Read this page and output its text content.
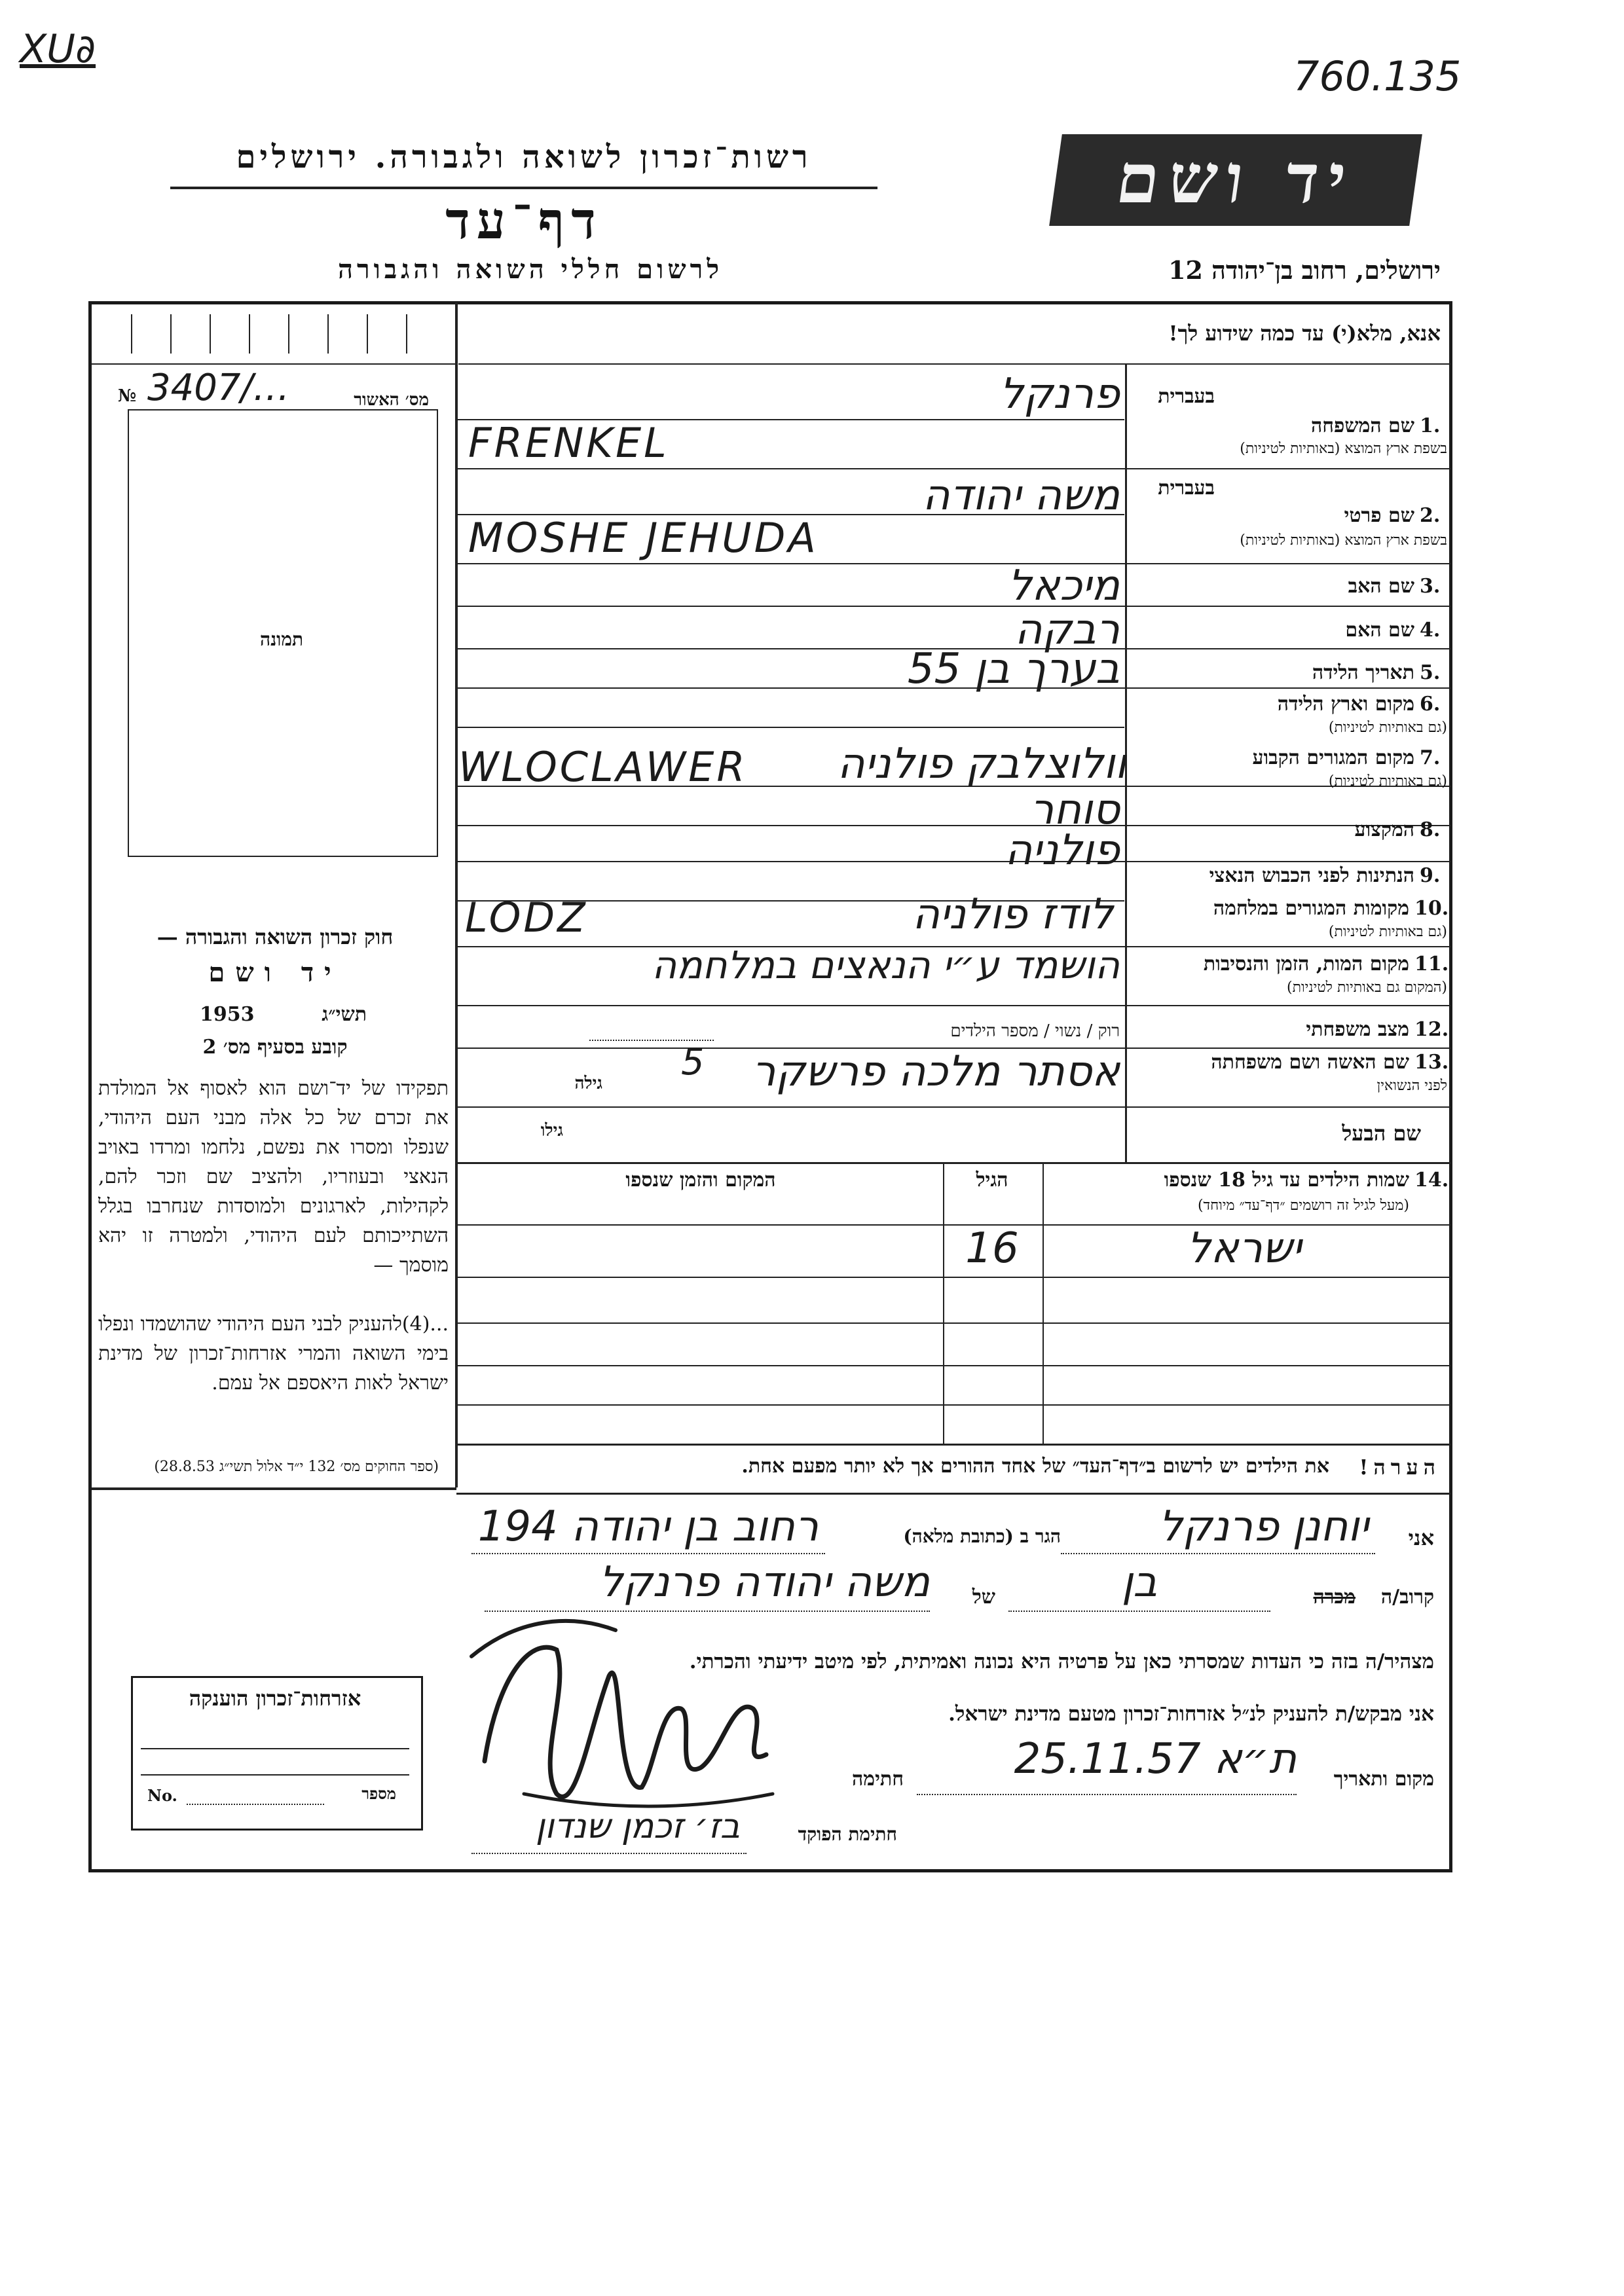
XU∂
760.135
רשות־זכרון לשואה ולגבורה. ירושלים
דף־עד
לרשום חללי השואה והגבורה
יד ושם
ירושלים, רחוב בן־יהודה 12
אנא, מלא(י) עד כמה שידוע לך!
№ 3407/…	מס׳ האשור
תמונה
חוק זכרון השואה והגבורה —
יד ושם
תשי״ג
1953
קובע בסעיף מס׳ 2
תפקידו של יד־ושם הוא לאסוף אל המולדת את זכרם של כל אלה מבני העם היהודי, שנפלו ומסרו את נפשם, נלחמו ומרדו באויב הנאצי ובעוזריו, ולהציב שם וזכר להם, לקהילות, לארגונים ולמוסדות שנחרבו בגלל השתייכותם לעם היהודי, ולמטרה זו יהא מוסמך —
...(4)להעניק לבני העם היהודי שהושמדו ונפלו בימי השואה והמרי אזרחות־זכרון של מדינת ישראל לאות היאספם אל עמם.
(ספר החוקים מס׳ 132 י״ד אלול תשי״ג 28.8.53)
אזרחות־זכרון הוענקה
מספר
No.
1.
שם המשפחה
בשפת ארץ המוצא (באותיות לטיניות)
בעברית
2.
שם פרטי
בשפת ארץ המוצא (באותיות לטיניות)
בעברית
3.
שם האב
4.
שם האם
5.
תאריך הלידה
6.
מקום וארץ הלידה
(גם באותיות לטיניות)
7.
מקום המגורים הקבוע
(גם באותיות לטיניות)
8.
המקצוע
9.
הנתינות לפני הכבוש הנאצי
10.
מקומות המגורים במלחמה
(גם באותיות לטיניות)
11.
מקום המות, הזמן והנסיבות
(המקום גם באותיות לטיניות)
12.
מצב משפחתי
13.
שם האשה ושם משפחתה
לפני הנשואין
שם הבעל
פרנקל
FRENKEL
משה יהודה
MOSHE JEHUDA
מיכאל
רבקה
בערך בן 55
וולוצלבק פולניה
WLOCLAWER
סוחר
פולניה
לודז פולניה
LODZ
הושמד ע״י הנאצים במלחמה
רוק / נשוי / מספר הילדים
אסתר מלכה פרשקר
גילה 5
גילו
14.
שמות הילדים עד גיל 18 שנספו
(מעל לגיל זה רושמים ״דף־עד״ מיוחד)
הגיל
המקום והזמן שנספו
ישראל
16
הערה!
את הילדים יש לרשום ב״דף־העד״ של אחד ההורים אך לא יותר מפעם אחת.
אני
יוחנן פרנקל
הגר ב (כתובת מלאה)
רחוב בן יהודה 194
קרוב/ה
מכרה
בן
של
משה יהודה פרנקל
מצהיר/ה בזה כי העדות שמסרתי כאן על פרטיה היא נכונה ואמיתית, לפי מיטב ידיעתי והכרתי.
אני מבקש/ת להעניק לנ״ל אזרחות־זכרון מטעם מדינת ישראל.
מקום ותאריך
ת״א 25.11.57
חתימה
חתימת הפוקד
בז׳ זכמן שנדון
